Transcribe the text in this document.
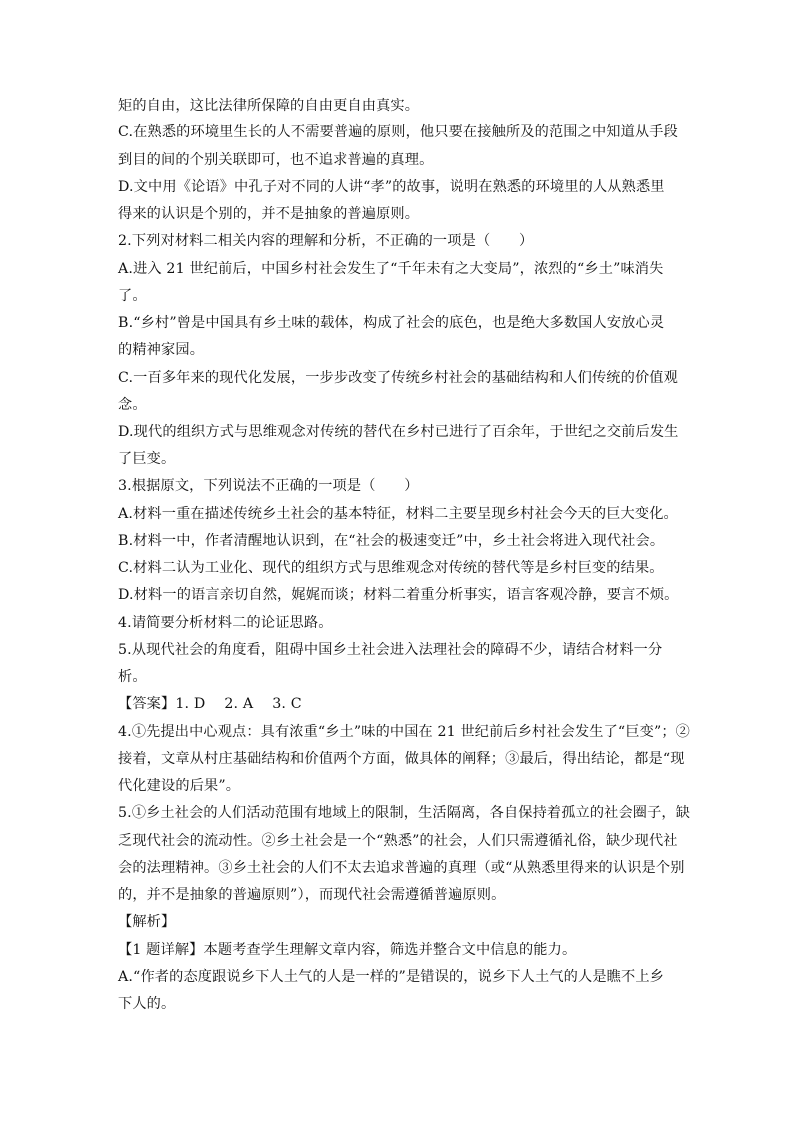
矩的自由，这比法律所保障的自由更自由真实。
C.在熟悉的环境里生长的人不需要普遍的原则，他只要在接触所及的范围之中知道从手段
到目的间的个别关联即可，也不追求普遍的真理。
D.文中用《论语》中孔子对不同的人讲“孝”的故事，说明在熟悉的环境里的人从熟悉里
得来的认识是个别的，并不是抽象的普遍原则。
2.下列对材料二相关内容的理解和分析，不正确的一项是（　　）
A.进入 21 世纪前后，中国乡村社会发生了“千年未有之大变局”，浓烈的“乡土”味消失
了。
B.“乡村”曾是中国具有乡土味的载体，构成了社会的底色，也是绝大多数国人安放心灵
的精神家园。
C.一百多年来的现代化发展，一步步改变了传统乡村社会的基础结构和人们传统的价值观
念。
D.现代的组织方式与思维观念对传统的替代在乡村已进行了百余年，于世纪之交前后发生
了巨变。
3.根据原文，下列说法不正确的一项是（　　）
A.材料一重在描述传统乡土社会的基本特征，材料二主要呈现乡村社会今天的巨大变化。
B.材料一中，作者清醒地认识到，在“社会的极速变迁”中，乡土社会将进入现代社会。
C.材料二认为工业化、现代的组织方式与思维观念对传统的替代等是乡村巨变的结果。
D.材料一的语言亲切自然，娓娓而谈；材料二着重分析事实，语言客观冷静，要言不烦。
4.请简要分析材料二的论证思路。
5.从现代社会的角度看，阻碍中国乡土社会进入法理社会的障碍不少，请结合材料一分
析。
【答案】1. D　 2. A　 3. C
4.①先提出中心观点：具有浓重“乡土”味的中国在 21 世纪前后乡村社会发生了“巨变”；②
接着，文章从村庄基础结构和价值两个方面，做具体的阐释；③最后，得出结论，都是“现
代化建设的后果”。
5.①乡土社会的人们活动范围有地域上的限制，生活隔离，各自保持着孤立的社会圈子，缺
乏现代社会的流动性。②乡土社会是一个“熟悉”的社会，人们只需遵循礼俗，缺少现代社
会的法理精神。③乡土社会的人们不太去追求普遍的真理（或“从熟悉里得来的认识是个别
的，并不是抽象的普遍原则”），而现代社会需遵循普遍原则。
【解析】
【1 题详解】本题考查学生理解文章内容，筛选并整合文中信息的能力。
A.“作者的态度跟说乡下人土气的人是一样的”是错误的，说乡下人土气的人是瞧不上乡
下人的。
